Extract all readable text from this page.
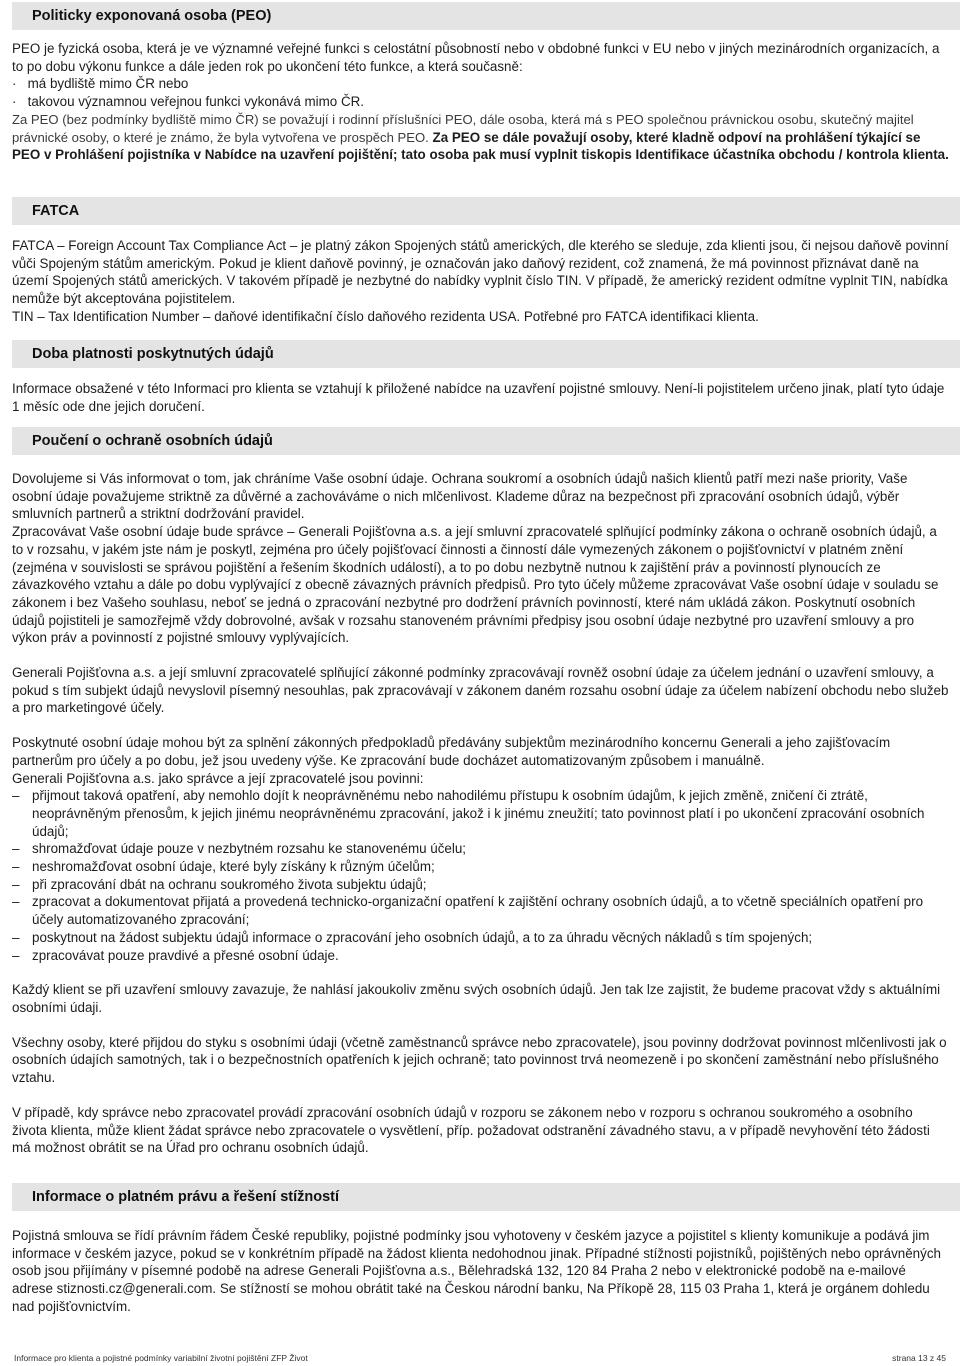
Politicky exponovaná osoba (PEO)

PEO je fyzická osoba, která je ve významné veřejné funkci s celostátní působností nebo v obdobné funkci v EU nebo v jiných mezinárodních organizacích, a to po dobu výkonu funkce a dále jeden rok po ukončení této funkce, a která současně:

·   má bydliště mimo ČR nebo

·   takovou významnou veřejnou funkci vykonává mimo ČR.

Za PEO (bez podmínky bydliště mimo ČR) se považují i rodinní příslušníci PEO, dále osoba, která má s PEO společnou právnickou osobu, skutečný majitel právnické osoby, o které je známo, že byla vytvořena ve prospěch PEO. Za PEO se dále považují osoby, které kladně odpoví na prohlášení týkající se PEO v Prohlášení pojistníka v Nabídce na uzavření pojištění; tato osoba pak musí vyplnit tiskopis Identifikace účastníka obchodu / kontrola klienta.

FATCA

FATCA – Foreign Account Tax Compliance Act – je platný zákon Spojených států amerických, dle kterého se sleduje, zda klienti jsou, či nejsou daňově povinní vůči Spojeným státům americkým. Pokud je klient daňově povinný, je označován jako daňový rezident, což znamená, že má povinnost přiznávat daně na území Spojených států amerických. V takovém případě je nezbytné do nabídky vyplnit číslo TIN. V případě, že americký rezident odmítne vyplnit TIN, nabídka nemůže být akceptována pojistitelem.

TIN – Tax Identification Number – daňové identifikační číslo daňového rezidenta USA. Potřebné pro FATCA identifikaci klienta.

Doba platnosti poskytnutých údajů

Informace obsažené v této Informaci pro klienta se vztahují k přiložené nabídce na uzavření pojistné smlouvy. Není-li pojistitelem určeno jinak, platí tyto údaje 1 měsíc ode dne jejich doručení.

Poučení o ochraně osobních údajů

Dovolujeme si Vás informovat o tom, jak chráníme Vaše osobní údaje. Ochrana soukromí a osobních údajů našich klientů patří mezi naše priority, Vaše osobní údaje považujeme striktně za důvěrné a zachováváme o nich mlčenlivost. Klademe důraz na bezpečnost při zpracování osobních údajů, výběr smluvních partnerů a striktní dodržování pravidel.

Zpracovávat Vaše osobní údaje bude správce – Generali Pojišťovna a.s. a její smluvní zpracovatelé splňující podmínky zákona o ochraně osobních údajů, a to v rozsahu, v jakém jste nám je poskytl, zejména pro účely pojišťovací činnosti a činností dále vymezených zákonem o pojišťovnictví v platném znění (zejména v souvislosti se správou pojištění a řešením škodních událostí), a to po dobu nezbytně nutnou k zajištění práv a povinností plynoucích ze závazkového vztahu a dále po dobu vyplývající z obecně závazných právních předpisů. Pro tyto účely můžeme zpracovávat Vaše osobní údaje v souladu se zákonem i bez Vašeho souhlasu, neboť se jedná o zpracování nezbytné pro dodržení právních povinností, které nám ukládá zákon. Poskytnutí osobních údajů pojistiteli je samozřejmě vždy dobrovolné, avšak v rozsahu stanoveném právními předpisy jsou osobní údaje nezbytné pro uzavření smlouvy a pro výkon práv a povinností z pojistné smlouvy vyplývajících.

Generali Pojišťovna a.s. a její smluvní zpracovatelé splňující zákonné podmínky zpracovávají rovněž osobní údaje za účelem jednání o uzavření smlouvy, a pokud s tím subjekt údajů nevyslovil písemný nesouhlas, pak zpracovávají v zákonem daném rozsahu osobní údaje za účelem nabízení obchodu nebo služeb a pro marketingové účely.

Poskytnuté osobní údaje mohou být za splnění zákonných předpokladů předávány subjektům mezinárodního koncernu Generali a jeho zajišťovacím partnerům pro účely a po dobu, jež jsou uvedeny výše. Ke zpracování bude docházet automatizovaným způsobem i manuálně.

Generali Pojišťovna a.s. jako správce a její zpracovatelé jsou povinni:

– přijmout taková opatření, aby nemohlo dojít k neoprávněnému nebo nahodilému přístupu k osobním údajům, k jejich změně, zničení či ztrátě, neoprávněným přenosům, k jejich jinému neoprávněnému zpracování, jakož i k jinému zneužití; tato povinnost platí i po ukončení zpracování osobních údajů;
– shromažďovat údaje pouze v nezbytném rozsahu ke stanovenému účelu;
– neshromažďovat osobní údaje, které byly získány k různým účelům;
– při zpracování dbát na ochranu soukromého života subjektu údajů;
– zpracovat a dokumentovat přijatá a provedená technicko-organizační opatření k zajištění ochrany osobních údajů, a to včetně speciálních opatření pro účely automatizovaného zpracování;
– poskytnout na žádost subjektu údajů informace o zpracování jeho osobních údajů, a to za úhradu věcných nákladů s tím spojených;
– zpracovávat pouze pravdivé a přesné osobní údaje.

Každý klient se při uzavření smlouvy zavazuje, že nahlásí jakoukoliv změnu svých osobních údajů. Jen tak lze zajistit, že budeme pracovat vždy s aktuálními osobními údaji.

Všechny osoby, které přijdou do styku s osobními údaji (včetně zaměstnanců správce nebo zpracovatele), jsou povinny dodržovat povinnost mlčenlivosti jak o osobních údajích samotných, tak i o bezpečnostních opatřeních k jejich ochraně; tato povinnost trvá neomezeně i po skončení zaměstnání nebo příslušného vztahu.

V případě, kdy správce nebo zpracovatel provádí zpracování osobních údajů v rozporu se zákonem nebo v rozporu s ochranou soukromého a osobního života klienta, může klient žádat správce nebo zpracovatele o vysvětlení, příp. požadovat odstranění závadného stavu, a v případě nevyhovění této žádosti má možnost obrátit se na Úřad pro ochranu osobních údajů.

Informace o platném právu a řešení stížností

Pojistná smlouva se řídí právním řádem České republiky, pojistné podmínky jsou vyhotoveny v českém jazyce a pojistitel s klienty komunikuje a podává jim informace v českém jazyce, pokud se v konkrétním případě na žádost klienta nedohodnou jinak. Případné stížnosti pojistníků, pojištěných nebo oprávněných osob jsou přijímány v písemné podobě na adrese Generali Pojišťovna a.s., Bělehradská 132, 120 84 Praha 2 nebo v elektronické podobě na e-mailové adrese stiznosti.cz@generali.com. Se stížností se mohou obrátit také na Českou národní banku, Na Příkopě 28, 115 03 Praha 1, která je orgánem dohledu nad pojišťovnictvím.

Informace pro klienta a pojistné podmínky variabilní životní pojištění ZFP Život	strana 13 z 45
